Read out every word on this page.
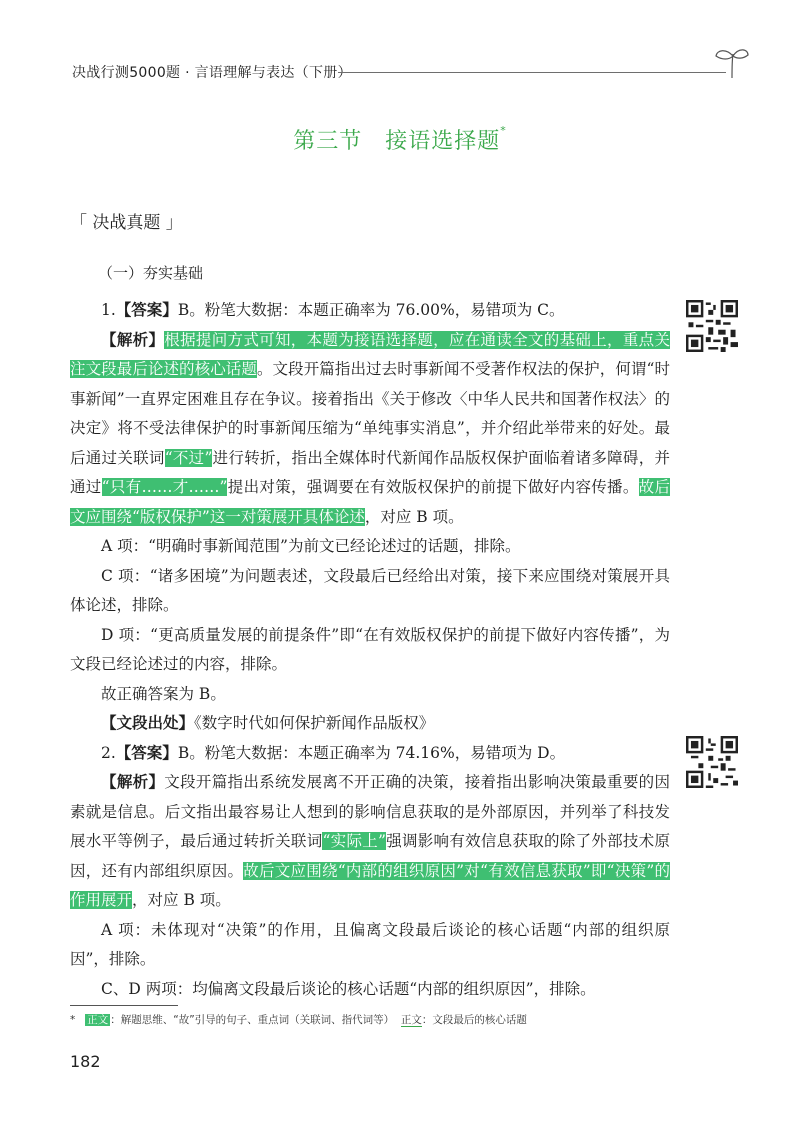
决战行测5000题 · 言语理解与表达（下册）
第三节　接语选择题*
「 决战真题 」
（一）夯实基础

1.【答案】B。粉笔大数据：本题正确率为 76.00%，易错项为 C。

【解析】根据提问方式可知，本题为接语选择题，应在通读全文的基础上，重点关注文段最后论述的核心话题。文段开篇指出过去时事新闻不受著作权法的保护，何谓“时事新闻”一直界定困难且存在争议。接着指出《关于修改〈中华人民共和国著作权法〉的决定》将不受法律保护的时事新闻压缩为“单纯事实消息”，并介绍此举带来的好处。最后通过关联词“不过”进行转折，指出全媒体时代新闻作品版权保护面临着诸多障碍，并通过“只有……才……”提出对策，强调要在有效版权保护的前提下做好内容传播。故后文应围绕“版权保护”这一对策展开具体论述，对应 B 项。

A 项：“明确时事新闻范围”为前文已经论述过的话题，排除。

C 项：“诸多困境”为问题表述，文段最后已经给出对策，接下来应围绕对策展开具体论述，排除。

D 项：“更高质量发展的前提条件”即“在有效版权保护的前提下做好内容传播”，为文段已经论述过的内容，排除。

故正确答案为 B。

【文段出处】《数字时代如何保护新闻作品版权》

2.【答案】B。粉笔大数据：本题正确率为 74.16%，易错项为 D。

【解析】文段开篇指出系统发展离不开正确的决策，接着指出影响决策最重要的因素就是信息。后文指出最容易让人想到的影响信息获取的是外部原因，并列举了科技发展水平等例子，最后通过转折关联词“实际上”强调影响有效信息获取的除了外部技术原因，还有内部组织原因。故后文应围绕“内部的组织原因”对“有效信息获取”即“决策”的作用展开，对应 B 项。

A 项：未体现对“决策”的作用，且偏离文段最后谈论的核心话题“内部的组织原因”，排除。

C、D 两项：均偏离文段最后谈论的核心话题“内部的组织原因”，排除。

* 正文 ：解题思维、“故”引导的句子、重点词（关联词、指代词等） 正文：文段最后的核心话题
182
